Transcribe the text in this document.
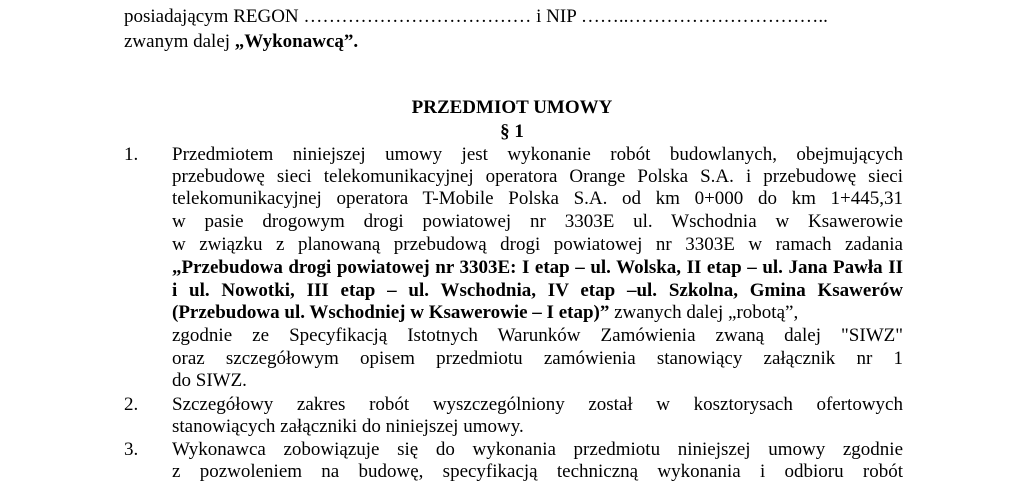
posiadającym REGON ……………………………… i NIP ……..…………………………..
zwanym dalej „Wykonawcą”.
PRZEDMIOT UMOWY
§ 1
1. Przedmiotem niniejszej umowy jest wykonanie robót budowlanych, obejmujących
przebudowę sieci telekomunikacyjnej operatora Orange Polska S.A. i przebudowę sieci
telekomunikacyjnej operatora T-Mobile Polska S.A. od km 0+000 do km 1+445,31
w pasie drogowym drogi powiatowej nr 3303E ul. Wschodnia w Ksawerowie
w związku z planowaną przebudową drogi powiatowej nr 3303E w ramach zadania
„Przebudowa drogi powiatowej nr 3303E: I etap – ul. Wolska, II etap – ul. Jana Pawła II
i ul. Nowotki, III etap – ul. Wschodnia, IV etap –ul. Szkolna, Gmina Ksawerów
(Przebudowa ul. Wschodniej w Ksawerowie – I etap)” zwanych dalej „robotą”,
zgodnie ze Specyfikacją Istotnych Warunków Zamówienia zwaną dalej "SIWZ"
oraz szczegółowym opisem przedmiotu zamówienia stanowiący załącznik nr 1
do SIWZ.
2. Szczegółowy zakres robót wyszczególniony został w kosztorysach ofertowych
stanowiących załączniki do niniejszej umowy.
3. Wykonawca zobowiązuje się do wykonania przedmiotu niniejszej umowy zgodnie
z pozwoleniem na budowę, specyfikacją techniczną wykonania i odbioru robót
